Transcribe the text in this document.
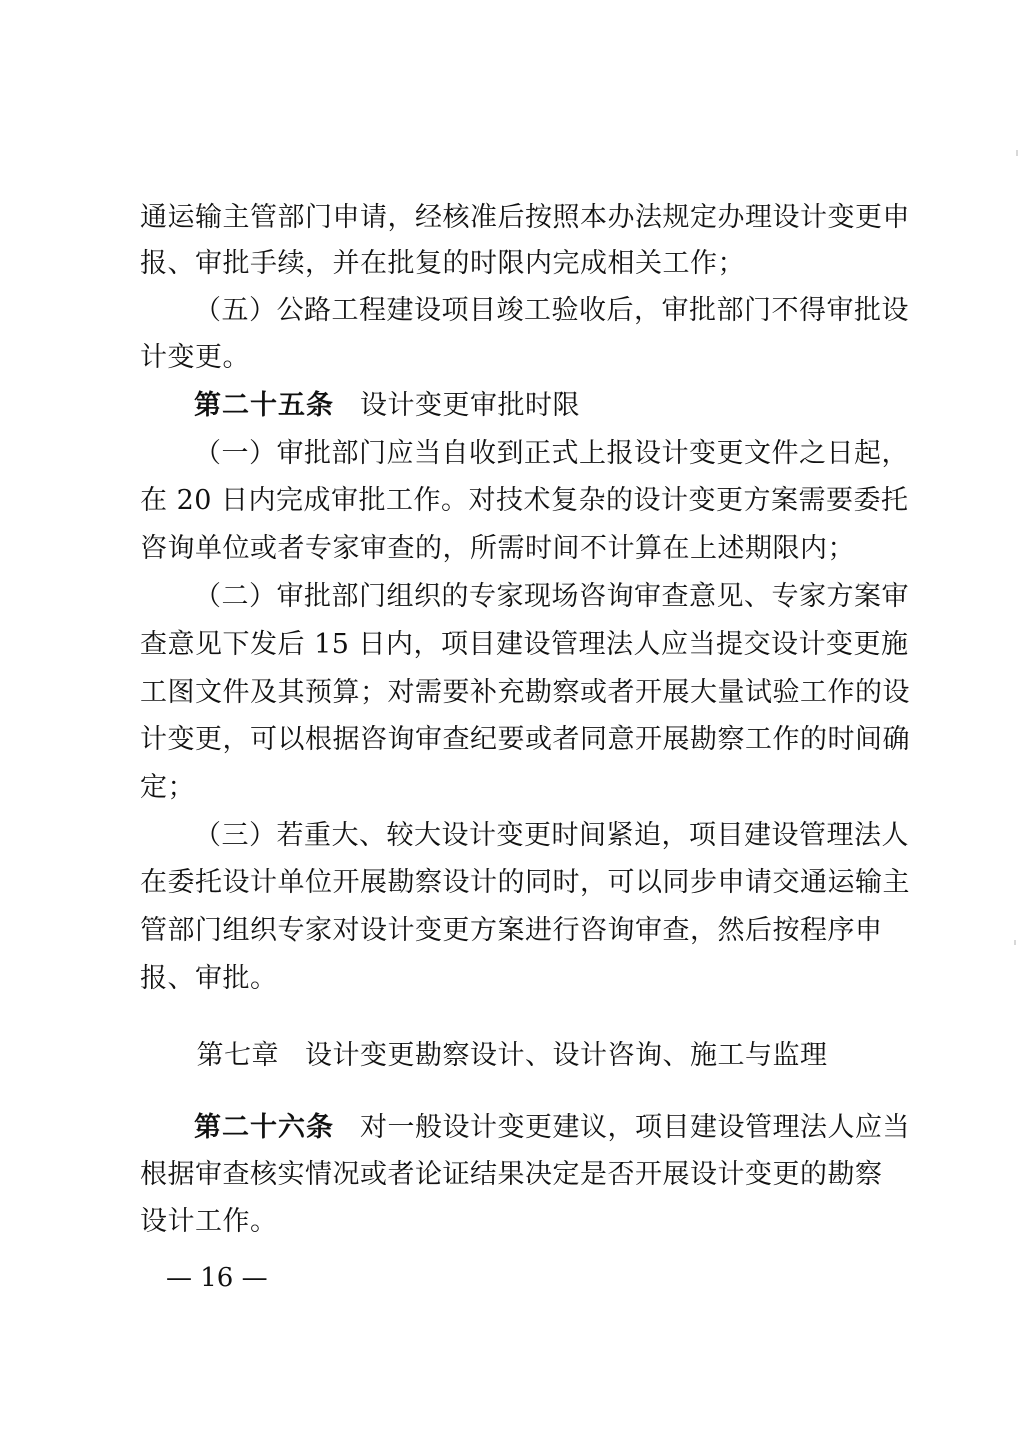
通运输主管部门申请，经核准后按照本办法规定办理设计变更申
报、审批手续，并在批复的时限内完成相关工作；
（五）公路工程建设项目竣工验收后，审批部门不得审批设
计变更。
第二十五条 设计变更审批时限
（一）审批部门应当自收到正式上报设计变更文件之日起，
在 20 日内完成审批工作。对技术复杂的设计变更方案需要委托
咨询单位或者专家审查的，所需时间不计算在上述期限内；
（二）审批部门组织的专家现场咨询审查意见、专家方案审
查意见下发后 15 日内，项目建设管理法人应当提交设计变更施
工图文件及其预算；对需要补充勘察或者开展大量试验工作的设
计变更，可以根据咨询审查纪要或者同意开展勘察工作的时间确
定；
（三）若重大、较大设计变更时间紧迫，项目建设管理法人
在委托设计单位开展勘察设计的同时，可以同步申请交通运输主
管部门组织专家对设计变更方案进行咨询审查，然后按程序申
报、审批。
第七章 设计变更勘察设计、设计咨询、施工与监理
第二十六条 对一般设计变更建议，项目建设管理法人应当
根据审查核实情况或者论证结果决定是否开展设计变更的勘察
设计工作。
— 16 —
